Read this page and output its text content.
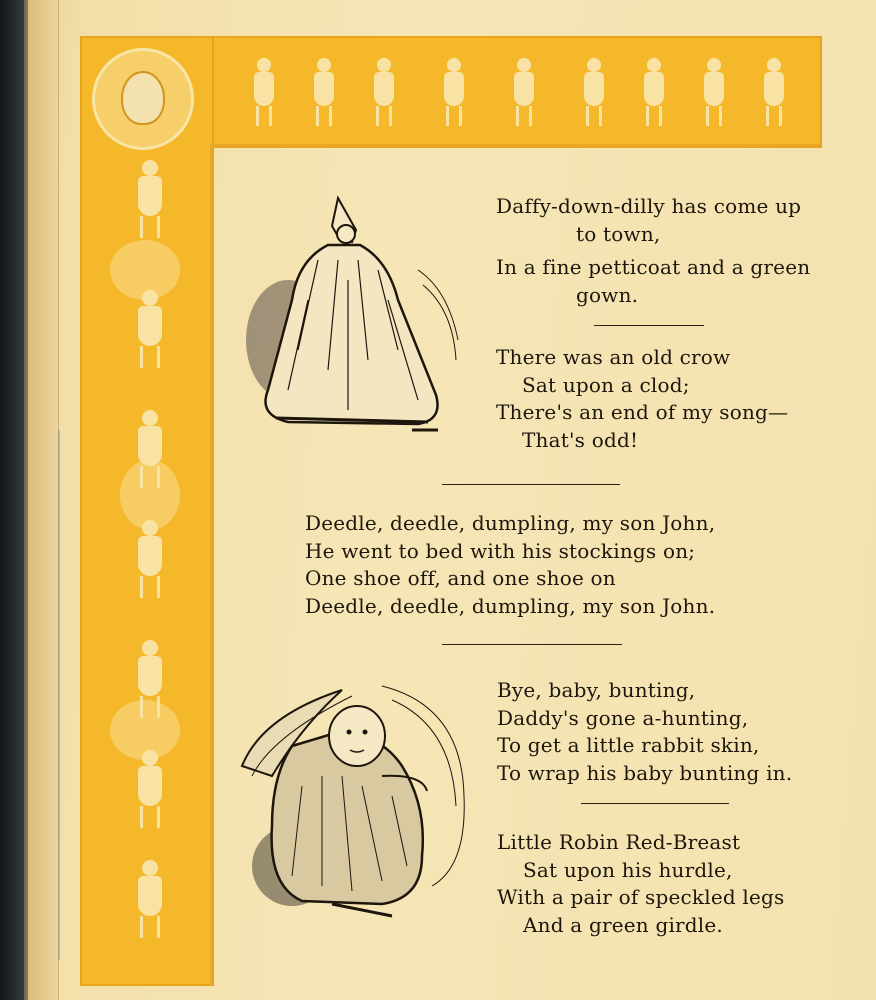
Daffy-down-dilly has come up
to town,
In a fine petticoat and a green
gown.
There was an old crow
Sat upon a clod;
There's an end of my song—
That's odd!
Deedle, deedle, dumpling, my son John,
He went to bed with his stockings on;
One shoe off, and one shoe on
Deedle, deedle, dumpling, my son John.
Bye, baby, bunting,
Daddy's gone a-hunting,
To get a little rabbit skin,
To wrap his baby bunting in.
Little Robin Red-Breast
Sat upon his hurdle,
With a pair of speckled legs
And a green girdle.
